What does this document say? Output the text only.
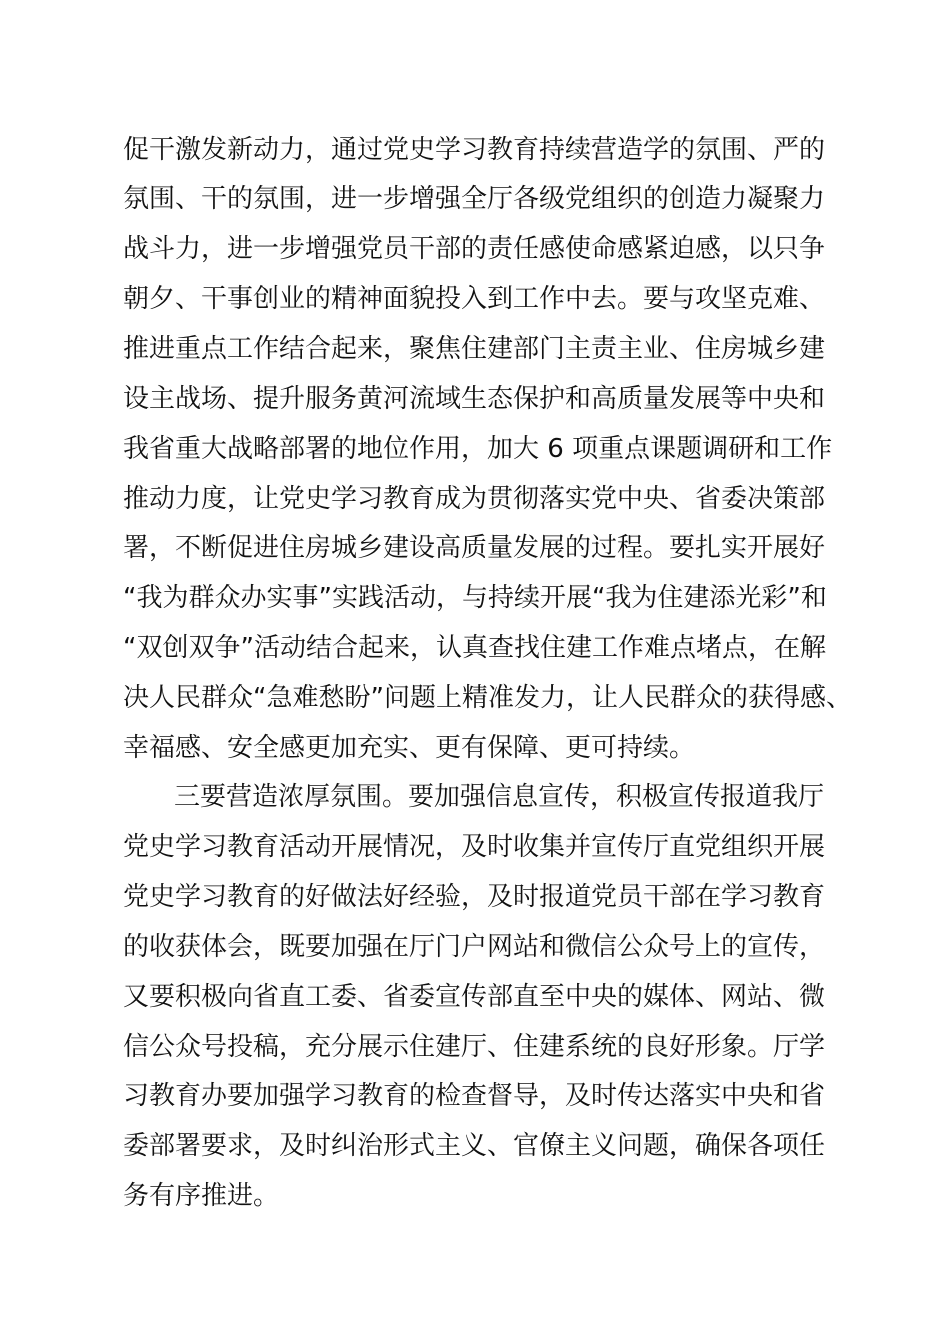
促干激发新动力，通过党史学习教育持续营造学的氛围、严的
氛围、干的氛围，进一步增强全厅各级党组织的创造力凝聚力
战斗力，进一步增强党员干部的责任感使命感紧迫感，以只争
朝夕、干事创业的精神面貌投入到工作中去。要与攻坚克难、
推进重点工作结合起来，聚焦住建部门主责主业、住房城乡建
设主战场、提升服务黄河流域生态保护和高质量发展等中央和
我省重大战略部署的地位作用，加大 6 项重点课题调研和工作
推动力度，让党史学习教育成为贯彻落实党中央、省委决策部
署，不断促进住房城乡建设高质量发展的过程。要扎实开展好
“我为群众办实事”实践活动，与持续开展“我为住建添光彩”和
“双创双争”活动结合起来，认真查找住建工作难点堵点，在解
决人民群众“急难愁盼”问题上精准发力，让人民群众的获得感、
幸福感、安全感更加充实、更有保障、更可持续。
三要营造浓厚氛围。要加强信息宣传，积极宣传报道我厅
党史学习教育活动开展情况，及时收集并宣传厅直党组织开展
党史学习教育的好做法好经验，及时报道党员干部在学习教育
的收获体会，既要加强在厅门户网站和微信公众号上的宣传，
又要积极向省直工委、省委宣传部直至中央的媒体、网站、微
信公众号投稿，充分展示住建厅、住建系统的良好形象。厅学
习教育办要加强学习教育的检查督导，及时传达落实中央和省
委部署要求，及时纠治形式主义、官僚主义问题，确保各项任
务有序推进。
